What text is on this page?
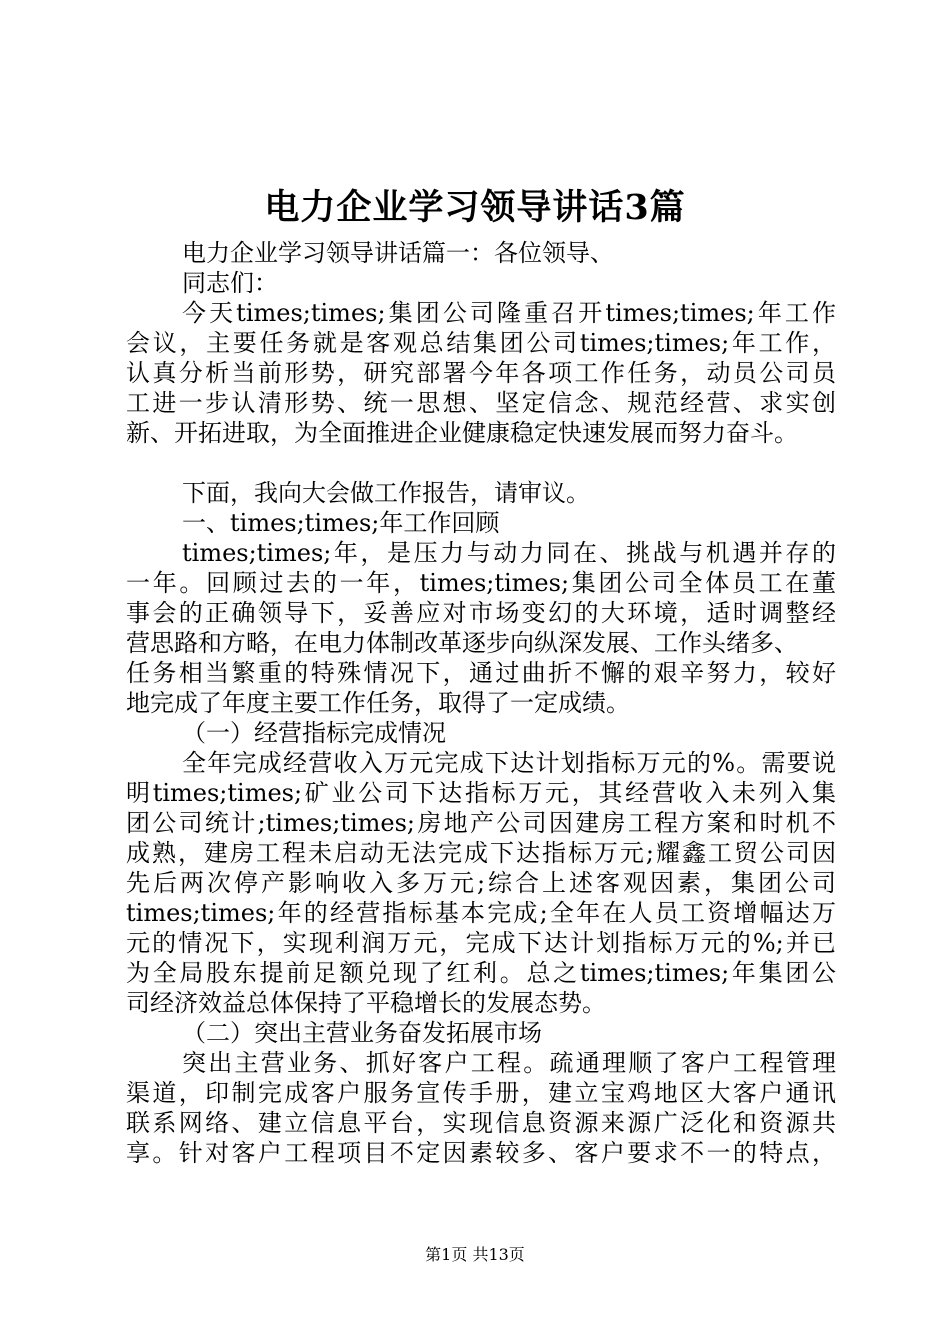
电力企业学习领导讲话3篇
电力企业学习领导讲话篇一：各位领导、
同志们：
今天times;times;集团公司隆重召开times;times;年工作
会议，主要任务就是客观总结集团公司times;times;年工作，
认真分析当前形势，研究部署今年各项工作任务，动员公司员
工进一步认清形势、统一思想、坚定信念、规范经营、求实创
新、开拓进取，为全面推进企业健康稳定快速发展而努力奋斗。
下面，我向大会做工作报告，请审议。
一、times;times;年工作回顾
times;times;年，是压力与动力同在、挑战与机遇并存的
一年。回顾过去的一年，times;times;集团公司全体员工在董
事会的正确领导下，妥善应对市场变幻的大环境，适时调整经
营思路和方略，在电力体制改革逐步向纵深发展、工作头绪多、
任务相当繁重的特殊情况下，通过曲折不懈的艰辛努力，较好
地完成了年度主要工作任务，取得了一定成绩。
（一）经营指标完成情况
全年完成经营收入万元完成下达计划指标万元的%。需要说
明times;times;矿业公司下达指标万元，其经营收入未列入集
团公司统计;times;times;房地产公司因建房工程方案和时机不
成熟，建房工程未启动无法完成下达指标万元;耀鑫工贸公司因
先后两次停产影响收入多万元;综合上述客观因素，集团公司
times;times;年的经营指标基本完成;全年在人员工资增幅达万
元的情况下，实现利润万元，完成下达计划指标万元的%;并已
为全局股东提前足额兑现了红利。总之times;times;年集团公
司经济效益总体保持了平稳增长的发展态势。
（二）突出主营业务奋发拓展市场
突出主营业务、抓好客户工程。疏通理顺了客户工程管理
渠道，印制完成客户服务宣传手册，建立宝鸡地区大客户通讯
联系网络、建立信息平台，实现信息资源来源广泛化和资源共
享。针对客户工程项目不定因素较多、客户要求不一的特点，
第1页 共13页
